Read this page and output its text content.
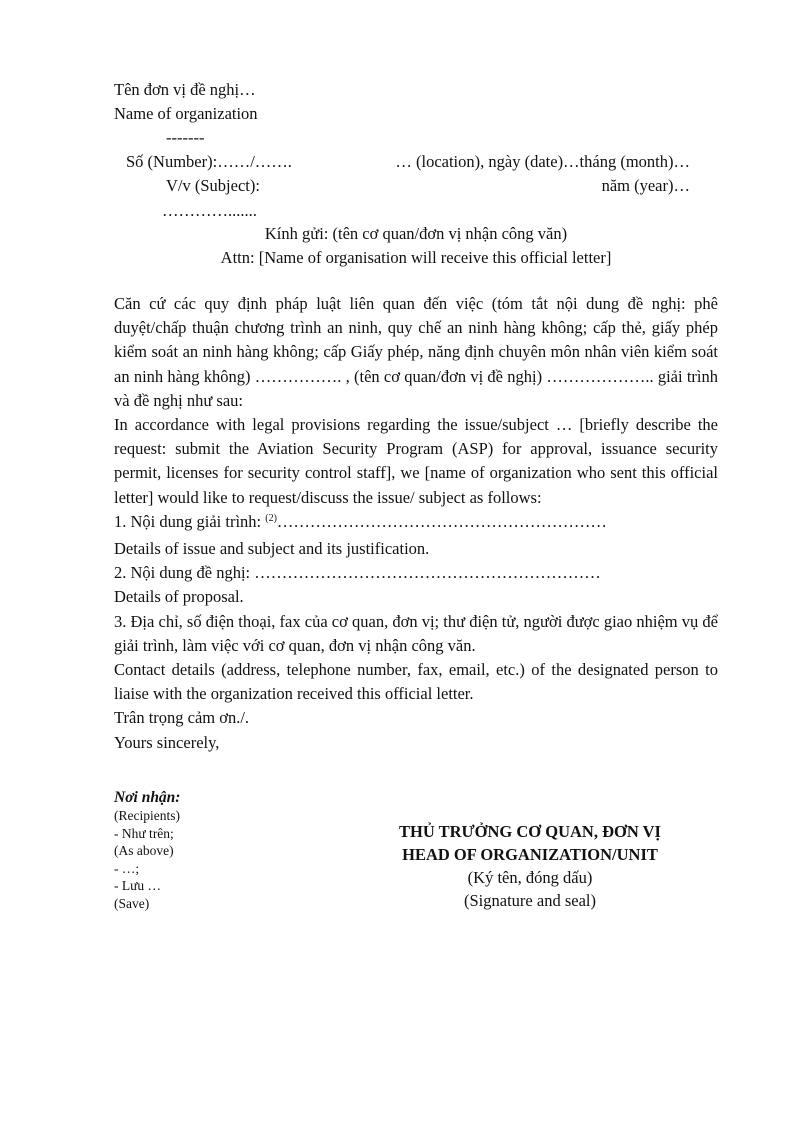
Tên đơn vị đề nghị…
Name of organization
-------
Số (Number):……/…….
V/v (Subject):
………….......
… (location), ngày (date)…tháng (month)…
năm (year)…
Kính gửi: (tên cơ quan/đơn vị nhận công văn)
Attn: [Name of organisation will receive this official letter]

Căn cứ các quy định pháp luật liên quan đến việc (tóm tắt nội dung đề nghị: phê duyệt/chấp thuận chương trình an ninh, quy chế an ninh hàng không; cấp thẻ, giấy phép kiểm soát an ninh hàng không; cấp Giấy phép, năng định chuyên môn nhân viên kiểm soát an ninh hàng không) ……………. , (tên cơ quan/đơn vị đề nghị) ……………….. giải trình và đề nghị như sau:

In accordance with legal provisions regarding the issue/subject … [briefly describe the request: submit the Aviation Security Program (ASP) for approval, issuance security permit, licenses for security control staff], we [name of organization who sent this official letter] would like to request/discuss the issue/ subject as follows:

1. Nội dung giải trình: $^{(2)}$……………………………………………………

Details of issue and subject and its justification.

2. Nội dung đề nghị: ………………………………………………………

Details of proposal.

3. Địa chỉ, số điện thoại, fax của cơ quan, đơn vị; thư điện tử, người được giao nhiệm vụ để giải trình, làm việc với cơ quan, đơn vị nhận công văn.

Contact details (address, telephone number, fax, email, etc.) of the designated person to liaise with the organization received this official letter.

Trân trọng cảm ơn./.

Yours sincerely,

Nơi nhận:
(Recipients)
- Như trên;
(As above)
- …;
- Lưu …
(Save)
THỦ TRƯỞNG CƠ QUAN, ĐƠN VỊ
HEAD OF ORGANIZATION/UNIT
(Ký tên, đóng dấu)
(Signature and seal)
